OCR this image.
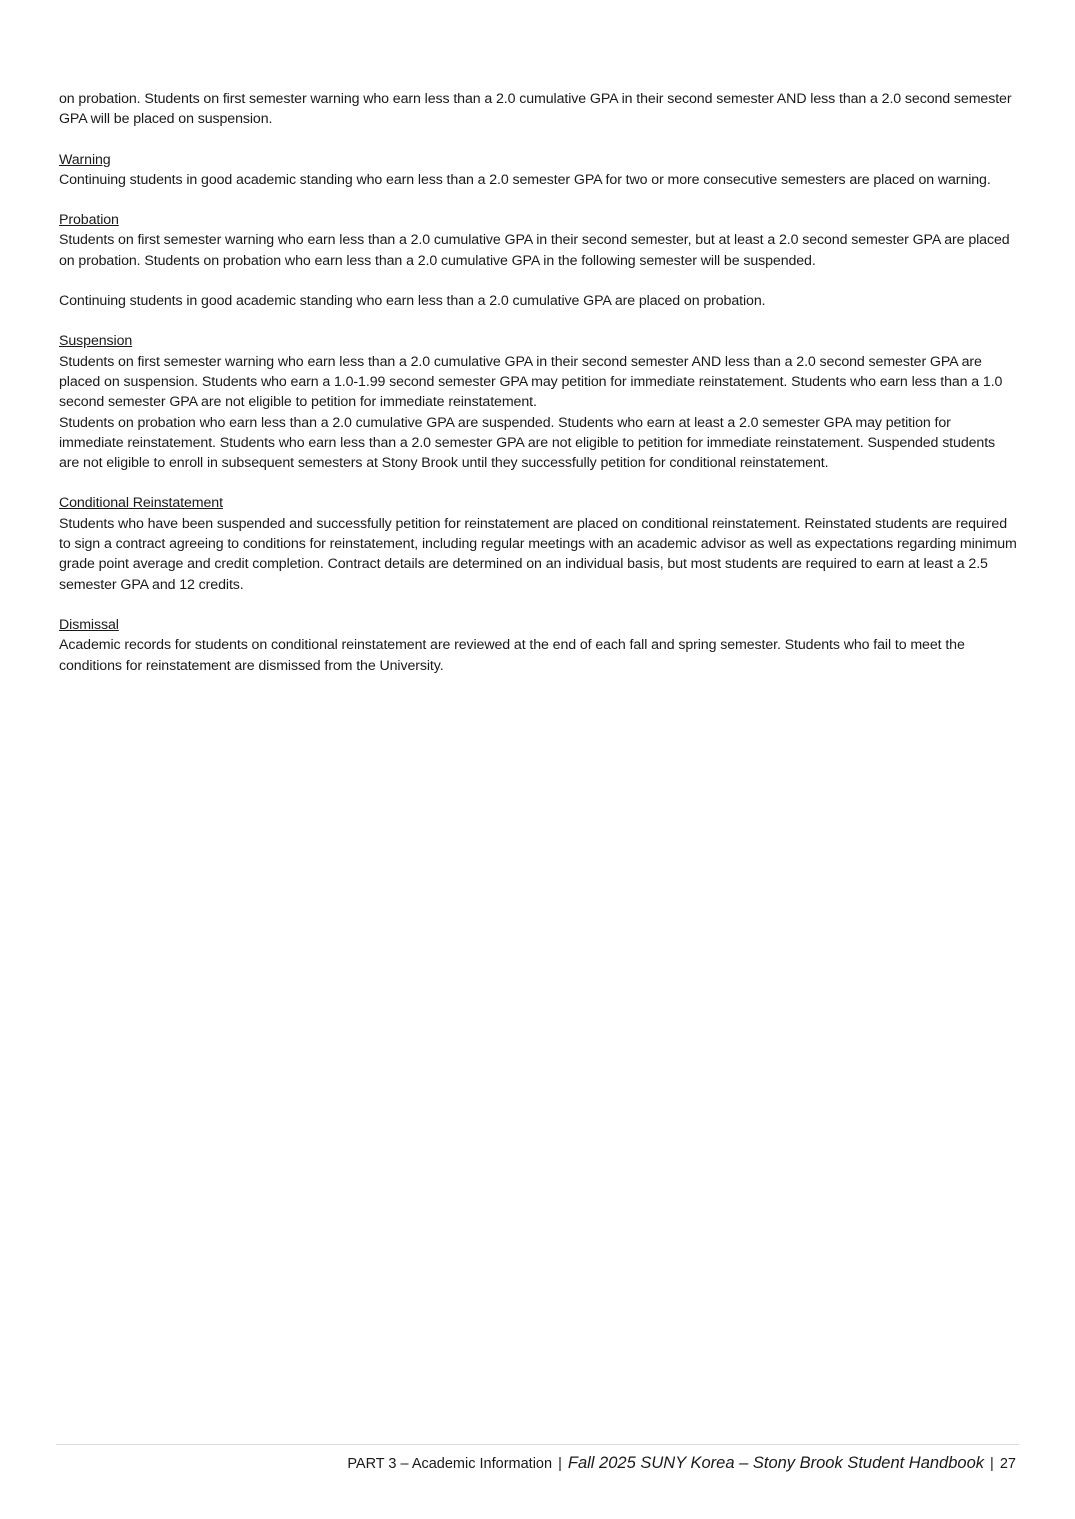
on probation. Students on first semester warning who earn less than a 2.0 cumulative GPA in their second semester AND less than a 2.0 second semester GPA will be placed on suspension.

Warning

Continuing students in good academic standing who earn less than a 2.0 semester GPA for two or more consecutive semesters are placed on warning.

Probation

Students on first semester warning who earn less than a 2.0 cumulative GPA in their second semester, but at least a 2.0 second semester GPA are placed on probation. Students on probation who earn less than a 2.0 cumulative GPA in the following semester will be suspended.

Continuing students in good academic standing who earn less than a 2.0 cumulative GPA are placed on probation.

Suspension

Students on first semester warning who earn less than a 2.0 cumulative GPA in their second semester AND less than a 2.0 second semester GPA are placed on suspension. Students who earn a 1.0-1.99 second semester GPA may petition for immediate reinstatement. Students who earn less than a 1.0 second semester GPA are not eligible to petition for immediate reinstatement.

Students on probation who earn less than a 2.0 cumulative GPA are suspended. Students who earn at least a 2.0 semester GPA may petition for immediate reinstatement. Students who earn less than a 2.0 semester GPA are not eligible to petition for immediate reinstatement. Suspended students are not eligible to enroll in subsequent semesters at Stony Brook until they successfully petition for conditional reinstatement.

Conditional Reinstatement

Students who have been suspended and successfully petition for reinstatement are placed on conditional reinstatement. Reinstated students are required to sign a contract agreeing to conditions for reinstatement, including regular meetings with an academic advisor as well as expectations regarding minimum grade point average and credit completion. Contract details are determined on an individual basis, but most students are required to earn at least a 2.5 semester GPA and 12 credits.

Dismissal

Academic records for students on conditional reinstatement are reviewed at the end of each fall and spring semester. Students who fail to meet the conditions for reinstatement are dismissed from the University.

PART 3 – Academic Information | Fall 2025 SUNY Korea – Stony Brook Student Handbook | 27
